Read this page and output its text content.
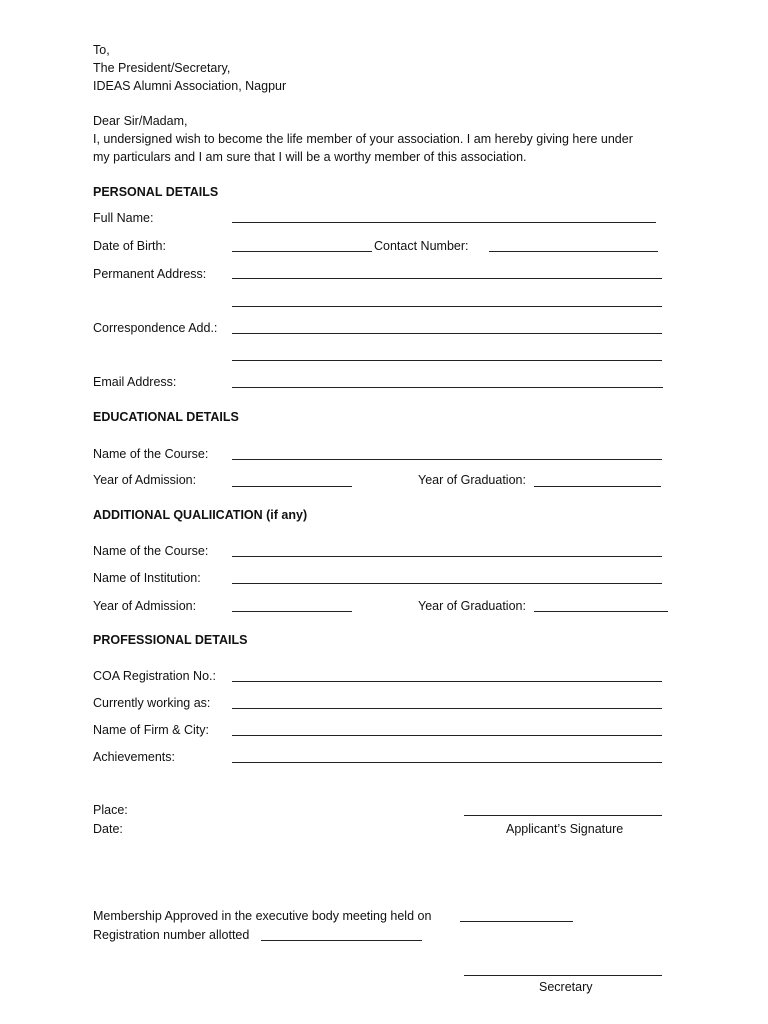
To,
The President/Secretary,
IDEAS Alumni Association, Nagpur
Dear Sir/Madam,
I, undersigned wish to become the life member of your association. I am hereby giving here under
my particulars and I am sure that I will be a worthy member of this association.
PERSONAL DETAILS
Full Name:
Date of Birth:	Contact Number:
Permanent Address:
Correspondence Add.:
Email Address:
EDUCATIONAL DETAILS
Name of the Course:
Year of Admission:	Year of Graduation:
ADDITIONAL QUALIICATION (if any)
Name of the Course:
Name of Institution:
Year of Admission:	Year of Graduation:
PROFESSIONAL DETAILS
COA Registration No.:
Currently working as:
Name of Firm & City:
Achievements:
Place:
Date:	Applicant’s Signature
Membership Approved in the executive body meeting held on
Registration number allotted
Secretary
